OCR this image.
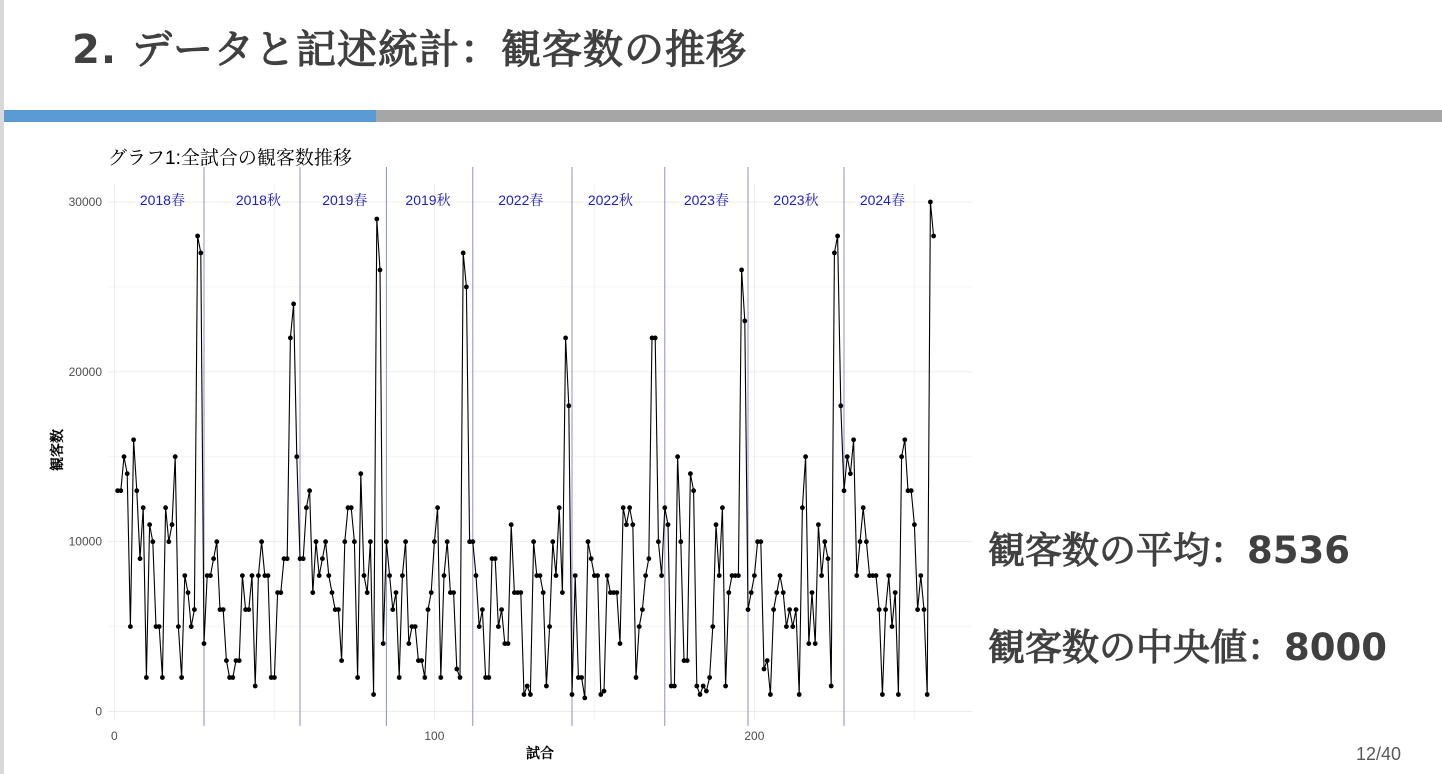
2. データと記述統計：観客数の推移
グラフ1:全試合の観客数推移
2018春	2018秋	2019春	2019秋	2022春	2022秋	2023春	2023秋	2024春
0
10000
20000
30000
0	100	200
試合
観客数
観客数の平均：8536
観客数の中央値：8000
12/40
